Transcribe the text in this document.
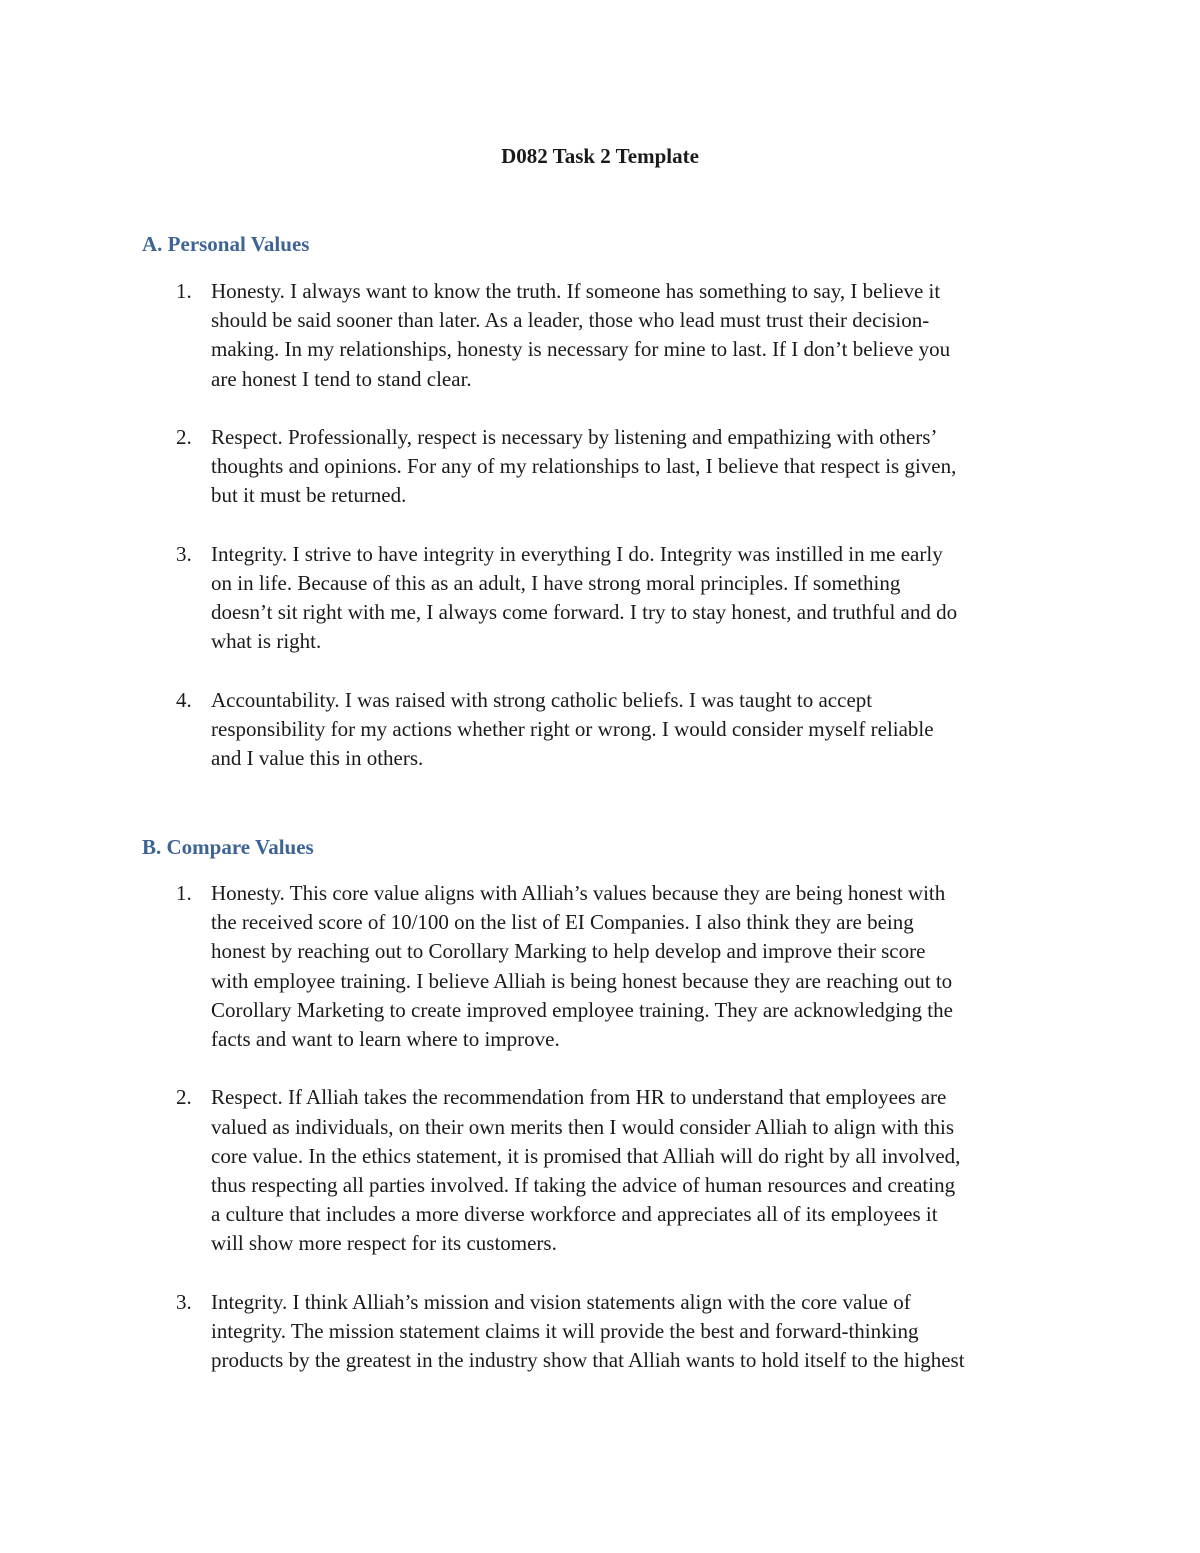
D082 Task 2 Template
A. Personal Values
1. Honesty. I always want to know the truth. If someone has something to say, I believe it
should be said sooner than later. As a leader, those who lead must trust their decision-
making. In my relationships, honesty is necessary for mine to last. If I don’t believe you
are honest I tend to stand clear.
2. Respect. Professionally, respect is necessary by listening and empathizing with others’
thoughts and opinions. For any of my relationships to last, I believe that respect is given,
but it must be returned.
3. Integrity. I strive to have integrity in everything I do. Integrity was instilled in me early
on in life. Because of this as an adult, I have strong moral principles. If something
doesn’t sit right with me, I always come forward. I try to stay honest, and truthful and do
what is right.
4. Accountability. I was raised with strong catholic beliefs. I was taught to accept
responsibility for my actions whether right or wrong. I would consider myself reliable
and I value this in others.
B. Compare Values
1. Honesty. This core value aligns with Alliah’s values because they are being honest with
the received score of 10/100 on the list of EI Companies. I also think they are being
honest by reaching out to Corollary Marking to help develop and improve their score
with employee training. I believe Alliah is being honest because they are reaching out to
Corollary Marketing to create improved employee training. They are acknowledging the
facts and want to learn where to improve.
2. Respect. If Alliah takes the recommendation from HR to understand that employees are
valued as individuals, on their own merits then I would consider Alliah to align with this
core value. In the ethics statement, it is promised that Alliah will do right by all involved,
thus respecting all parties involved. If taking the advice of human resources and creating
a culture that includes a more diverse workforce and appreciates all of its employees it
will show more respect for its customers.
3. Integrity. I think Alliah’s mission and vision statements align with the core value of
integrity. The mission statement claims it will provide the best and forward-thinking
products by the greatest in the industry show that Alliah wants to hold itself to the highest
